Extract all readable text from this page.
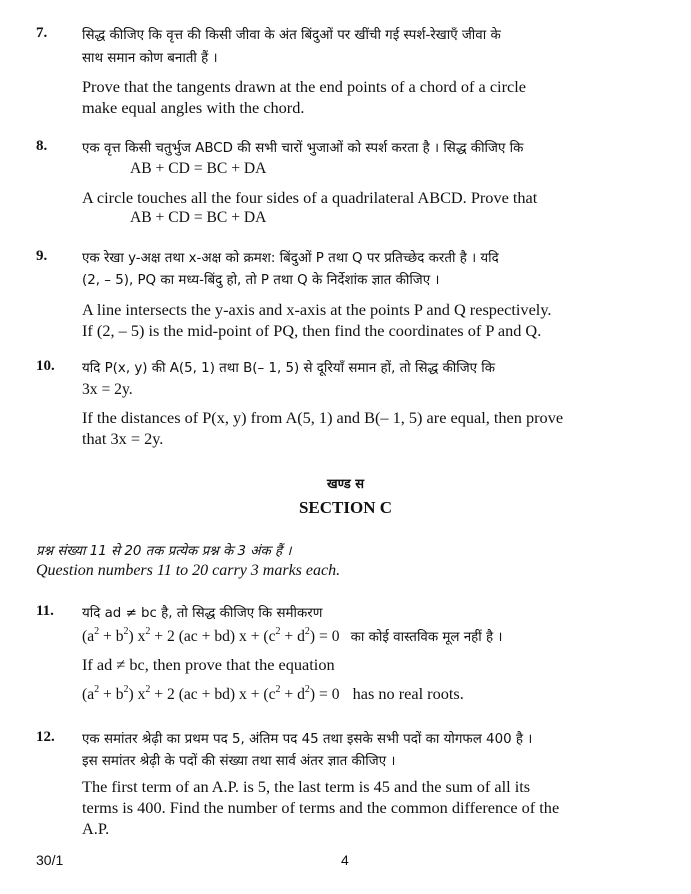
7.	सिद्ध कीजिए कि वृत्त की किसी जीवा के अंत बिंदुओं पर खींची गई स्पर्श-रेखाएँ जीवा के
साथ समान कोण बनाती हैं ।
Prove that the tangents drawn at the end points of a chord of a circle
make equal angles with the chord.
8.	एक वृत्त किसी चतुर्भुज ABCD की सभी चारों भुजाओं को स्पर्श करता है । सिद्ध कीजिए कि
AB + CD = BC + DA
A circle touches all the four sides of a quadrilateral ABCD. Prove that
AB + CD = BC + DA
9.	एक रेखा y-अक्ष तथा x-अक्ष को क्रमश: बिंदुओं P तथा Q पर प्रतिच्छेद करती है । यदि
(2, – 5), PQ का मध्य-बिंदु हो, तो P तथा Q के निर्देशांक ज्ञात कीजिए ।
A line intersects the y-axis and x-axis at the points P and Q respectively.
If (2, – 5) is the mid-point of PQ, then find the coordinates of P and Q.
10. यदि P(x, y) की A(5, 1) तथा B(– 1, 5) से दूरियाँ समान हों, तो सिद्ध कीजिए कि
3x = 2y.
If the distances of P(x, y) from A(5, 1) and B(– 1, 5) are equal, then prove
that 3x = 2y.
खण्ड स
SECTION C
प्रश्न संख्या 11 से 20 तक प्रत्येक प्रश्न के 3 अंक हैं ।
Question numbers 11 to 20 carry 3 marks each.
11. यदि ad ≠ bc है, तो सिद्ध कीजिए कि समीकरण
$(a^2 + b^2) x^2 + 2$ (ac + bd) $x + (c^2 + d^2) = 0$ का कोई वास्तविक मूल नहीं है ।
If ad ≠ bc, then prove that the equation
$(a^2 + b^2) x^2 + 2$ (ac + bd) $x + (c^2 + d^2) = 0$ has no real roots.
12. एक समांतर श्रेढ़ी का प्रथम पद 5, अंतिम पद 45 तथा इसके सभी पदों का योगफल 400 है ।
इस समांतर श्रेढ़ी के पदों की संख्या तथा सार्व अंतर ज्ञात कीजिए ।
The first term of an A.P. is 5, the last term is 45 and the sum of all its
terms is 400. Find the number of terms and the common difference of the
A.P.
30/1	4
